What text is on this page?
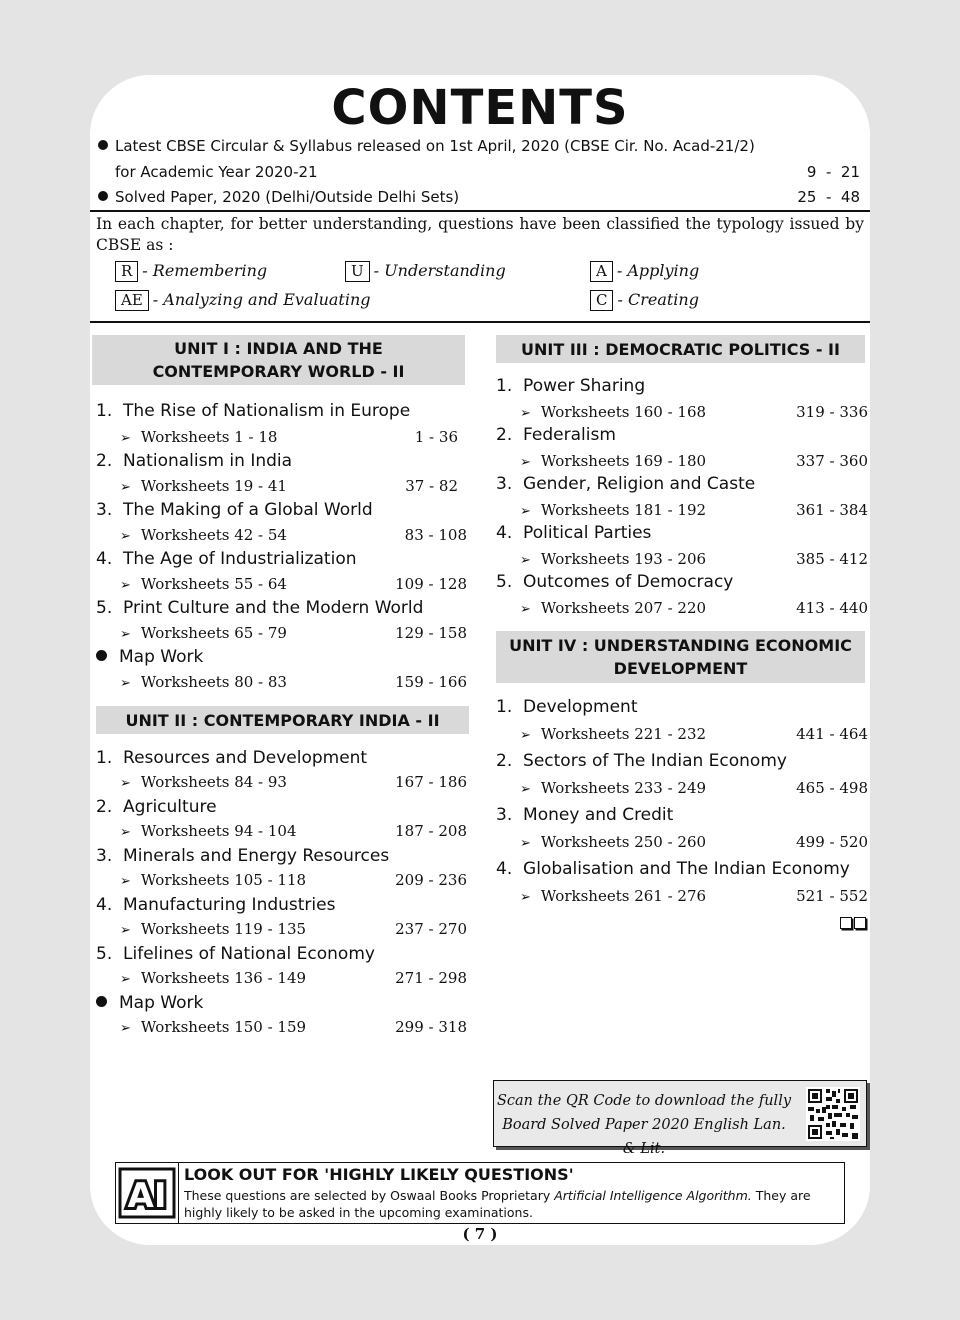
CONTENTS
Latest CBSE Circular & Syllabus released on 1st April, 2020 (CBSE Cir. No. Acad-21/2)
for Academic Year 2020-21	9  -  21
Solved Paper, 2020 (Delhi/Outside Delhi Sets)	25  -  48
In each chapter, for better understanding, questions have been classified the typology issued by CBSE as :
R - Remembering	U - Understanding	A - Applying
AE - Analyzing and Evaluating	C - Creating
UNIT I : INDIA AND THE
CONTEMPORARY WORLD - II
1. The Rise of Nationalism in Europe
➢ Worksheets 1 - 18	1 - 36
2. Nationalism in India
➢ Worksheets 19 - 41	37 - 82
3. The Making of a Global World
➢ Worksheets 42 - 54	83 - 108
4. The Age of Industrialization
➢ Worksheets 55 - 64	109 - 128
5. Print Culture and the Modern World
➢ Worksheets 65 - 79	129 - 158
Map Work
➢ Worksheets 80 - 83	159 - 166
UNIT II : CONTEMPORARY INDIA - II
1. Resources and Development
➢ Worksheets 84 - 93	167 - 186
2. Agriculture
➢ Worksheets 94 - 104	187 - 208
3. Minerals and Energy Resources
➢ Worksheets 105 - 118	209 - 236
4. Manufacturing Industries
➢ Worksheets 119 - 135	237 - 270
5. Lifelines of National Economy
➢ Worksheets 136 - 149	271 - 298
Map Work
➢ Worksheets 150 - 159	299 - 318
UNIT III : DEMOCRATIC POLITICS - II
1. Power Sharing
➢ Worksheets 160 - 168	319 - 336
2. Federalism
➢ Worksheets 169 - 180	337 - 360
3. Gender, Religion and Caste
➢ Worksheets 181 - 192	361 - 384
4. Political Parties
➢ Worksheets 193 - 206	385 - 412
5. Outcomes of Democracy
➢ Worksheets 207 - 220	413 - 440
UNIT IV : UNDERSTANDING ECONOMIC
DEVELOPMENT
1. Development
➢ Worksheets 221 - 232	441 - 464
2. Sectors of The Indian Economy
➢ Worksheets 233 - 249	465 - 498
3. Money and Credit
➢ Worksheets 250 - 260	499 - 520
4. Globalisation and The Indian Economy
➢ Worksheets 261 - 276	521 - 552
Scan the QR Code to download the fully
Board Solved Paper 2020 English Lan. & Lit.
AI
LOOK OUT FOR 'HIGHLY LIKELY QUESTIONS'
These questions are selected by Oswaal Books Proprietary Artificial Intelligence Algorithm. They are highly likely to be asked in the upcoming examinations.
( 7 )
